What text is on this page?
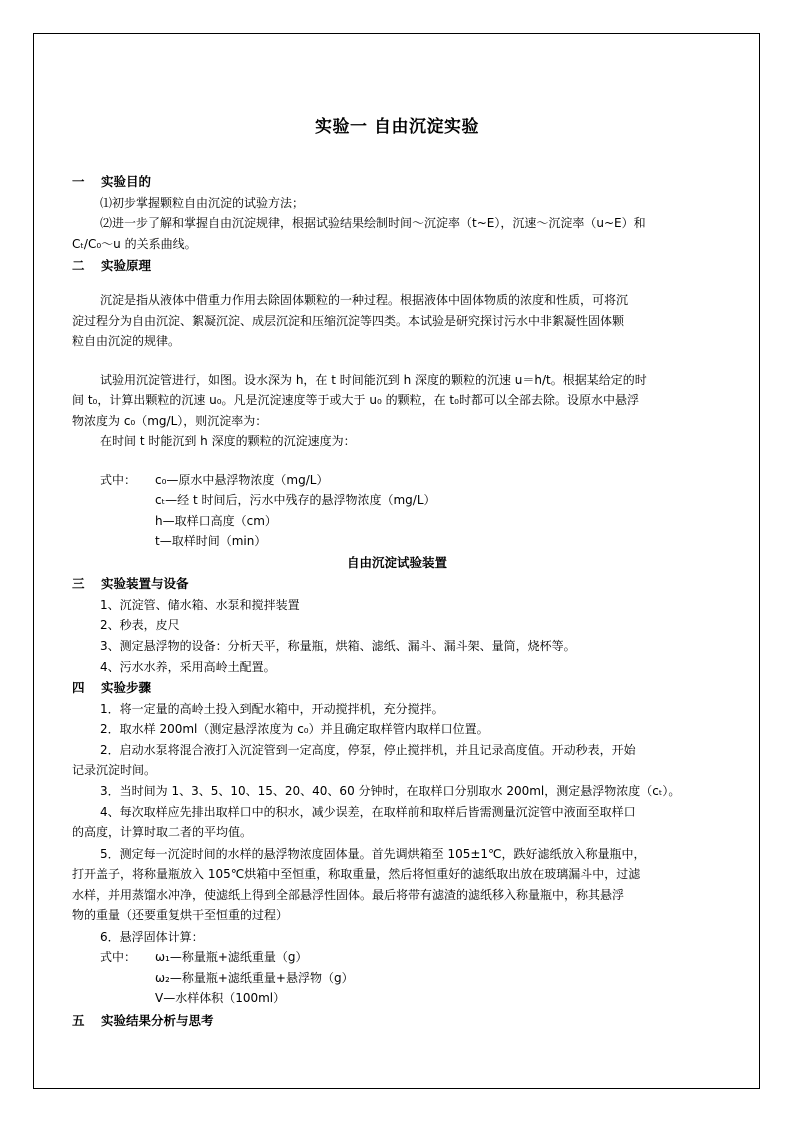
实验一 自由沉淀实验
一 实验目的
⑴初步掌握颗粒自由沉淀的试验方法；
⑵进一步了解和掌握自由沉淀规律，根据试验结果绘制时间～沉淀率（t~E），沉速～沉淀率（u~E）和
Cₜ/C₀～u 的关系曲线。
二 实验原理
沉淀是指从液体中借重力作用去除固体颗粒的一种过程。根据液体中固体物质的浓度和性质，可将沉
淀过程分为自由沉淀、絮凝沉淀、成层沉淀和压缩沉淀等四类。本试验是研究探讨污水中非絮凝性固体颗
粒自由沉淀的规律。
试验用沉淀管进行，如图。设水深为 h，在 t 时间能沉到 h 深度的颗粒的沉速 u＝h/t。根据某给定的时
间 t₀，计算出颗粒的沉速 u₀。凡是沉淀速度等于或大于 u₀ 的颗粒，在 t₀时都可以全部去除。设原水中悬浮
物浓度为 c₀（mg/L），则沉淀率为：
在时间 t 时能沉到 h 深度的颗粒的沉淀速度为：
式中： c₀—原水中悬浮物浓度（mg/L）
cₜ—经 t 时间后，污水中残存的悬浮物浓度（mg/L）
h—取样口高度（cm）
t—取样时间（min）
自由沉淀试验装置
三 实验装置与设备
1、沉淀管、储水箱、水泵和搅拌装置
2、秒表，皮尺
3、测定悬浮物的设备：分析天平，称量瓶，烘箱、滤纸、漏斗、漏斗架、量筒，烧杯等。
4、污水水养，采用高岭土配置。
四 实验步骤
1．将一定量的高岭土投入到配水箱中，开动搅拌机，充分搅拌。
2．取水样 200ml（测定悬浮浓度为 c₀）并且确定取样管内取样口位置。
2．启动水泵将混合液打入沉淀管到一定高度，停泵，停止搅拌机，并且记录高度值。开动秒表，开始
记录沉淀时间。
3．当时间为 1、3、5、10、15、20、40、60 分钟时，在取样口分别取水 200ml，测定悬浮物浓度（cₜ）。
4、每次取样应先排出取样口中的积水，减少误差，在取样前和取样后皆需测量沉淀管中液面至取样口
的高度，计算时取二者的平均值。
5．测定每一沉淀时间的水样的悬浮物浓度固体量。首先调烘箱至 105±1℃，跌好滤纸放入称量瓶中，
打开盖子，将称量瓶放入 105℃烘箱中至恒重，称取重量，然后将恒重好的滤纸取出放在玻璃漏斗中，过滤
水样，并用蒸馏水冲净，使滤纸上得到全部悬浮性固体。最后将带有滤渣的滤纸移入称量瓶中，称其悬浮
物的重量（还要重复烘干至恒重的过程）
6．悬浮固体计算：
式中： ω₁—称量瓶+滤纸重量（g）
ω₂—称量瓶+滤纸重量+悬浮物（g）
V—水样体积（100ml）
五 实验结果分析与思考
